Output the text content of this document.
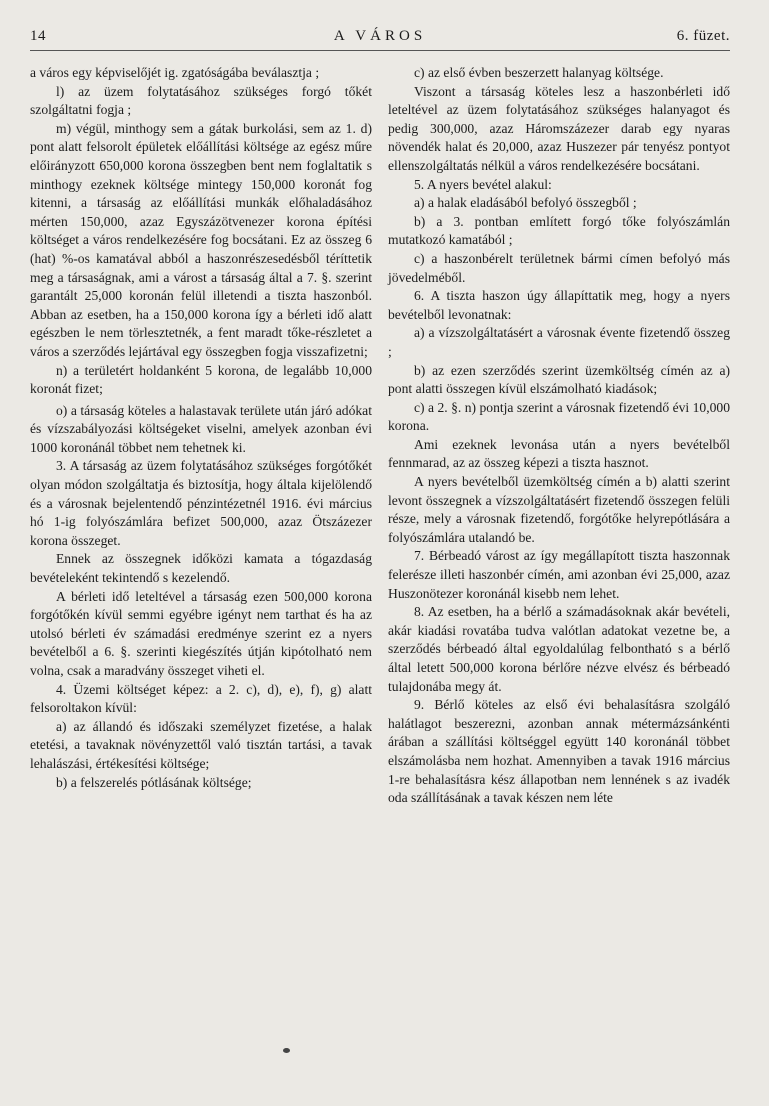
14	A VÁROS	6. füzet.

a város egy képviselőjét ig. zgatóságába beválasztja ;

l) az üzem folytatásához szükséges forgó tőkét szolgáltatni fogja ;

m) végül, minthogy sem a gátak burkolási, sem az 1. d) pont alatt felsorolt épületek előállítási költsége az egész műre előirányzott 650,000 korona összegben bent nem foglaltatik s minthogy ezeknek költsége mintegy 150,000 koronát fog kitenni, a társaság az előállítási munkák előhaladásához mérten 150,000, azaz Egyszázötvenezer korona építési költséget a város rendelkezésére fog bocsátani. Ez az összeg 6 (hat) %-os kamatával abból a haszonrészesedésből téríttetik meg a társaságnak, ami a várost a társaság által a 7. §. szerint garantált 25,000 koronán felül illetendi a tiszta haszonból. Abban az esetben, ha a 150,000 korona így a bérleti idő alatt egészben le nem törlesztetnék, a fent maradt tőke-részletet a város a szerződés lejártával egy összegben fogja visszafizetni;

n) a területért holdanként 5 korona, de legalább 10,000 koronát fizet;

o) a társaság köteles a halastavak területe után járó adókat és vízszabályozási költségeket viselni, amelyek azonban évi 1000 koronánál többet nem tehetnek ki.

3. A társaság az üzem folytatásához szükséges forgótőkét olyan módon szolgáltatja és biztosítja, hogy általa kijelölendő és a városnak bejelentendő pénzintézetnél 1916. évi március hó 1-ig folyószámlára befizet 500,000, azaz Ötszázezer korona összeget.

Ennek az összegnek időközi kamata a tógazdaság bevételeként tekintendő s kezelendő.

A bérleti idő leteltével a társaság ezen 500,000 korona forgótőkén kívül semmi egyébre igényt nem tarthat és ha az utolsó bérleti év számadási eredménye szerint ez a nyers bevételből a 6. §. szerinti kiegészítés útján kipótolható nem volna, csak a maradvány összeget viheti el.

4. Üzemi költséget képez: a 2. c), d), e), f), g) alatt felsoroltakon kívül:

a) az állandó és időszaki személyzet fizetése, a halak etetési, a tavaknak növényzettől való tisztán tartási, a tavak lehalászási, értékesítési költsége;

b) a felszerelés pótlásának költsége;

c) az első évben beszerzett halanyag költsége.

Viszont a társaság köteles lesz a haszonbérleti idő leteltével az üzem folytatásához szükséges halanyagot és pedig 300,000, azaz Háromszázezer darab egy nyaras növendék halat és 20,000, azaz Huszezer pár tenyész pontyot ellenszolgáltatás nélkül a város rendelkezésére bocsátani.

5. A nyers bevétel alakul:

a) a halak eladásából befolyó összegből ;

b) a 3. pontban említett forgó tőke folyószámlán mutatkozó kamatából ;

c) a haszonbérelt területnek bármi címen befolyó más jövedelméből.

6. A tiszta haszon úgy állapíttatik meg, hogy a nyers bevételből levonatnak:

a) a vízszolgáltatásért a városnak évente fizetendő összeg ;

b) az ezen szerződés szerint üzemköltség címén az a) pont alatti összegen kívül elszámolható kiadások;

c) a 2. §. n) pontja szerint a városnak fizetendő évi 10,000 korona.

Ami ezeknek levonása után a nyers bevételből fennmarad, az az összeg képezi a tiszta hasznot.

A nyers bevételből üzemköltség címén a b) alatti szerint levont összegnek a vízszolgáltatásért fizetendő összegen felüli része, mely a városnak fizetendő, forgótőke helyrepótlására a folyószámlára utalandó be.

7. Bérbeadó várost az így megállapított tiszta haszonnak felerésze illeti haszonbér címén, ami azonban évi 25,000, azaz Huszonötezer koronánál kisebb nem lehet.

8. Az esetben, ha a bérlő a számadásoknak akár bevételi, akár kiadási rovatába tudva valótlan adatokat vezetne be, a szerződés bérbeadó által egyoldalúlag felbontható s a bérlő által letett 500,000 korona bérlőre nézve elvész és bérbeadó tulajdonába megy át.

9. Bérlő köteles az első évi behalasításra szolgáló halátlagot beszerezni, azonban annak métermázsánkénti árában a szállítási költséggel együtt 140 koronánál többet elszámolásba nem hozhat. Amennyiben a tavak 1916 március 1-re behalasításra kész állapotban nem lennének s az ivadék oda szállításának a tavak készen nem léte
